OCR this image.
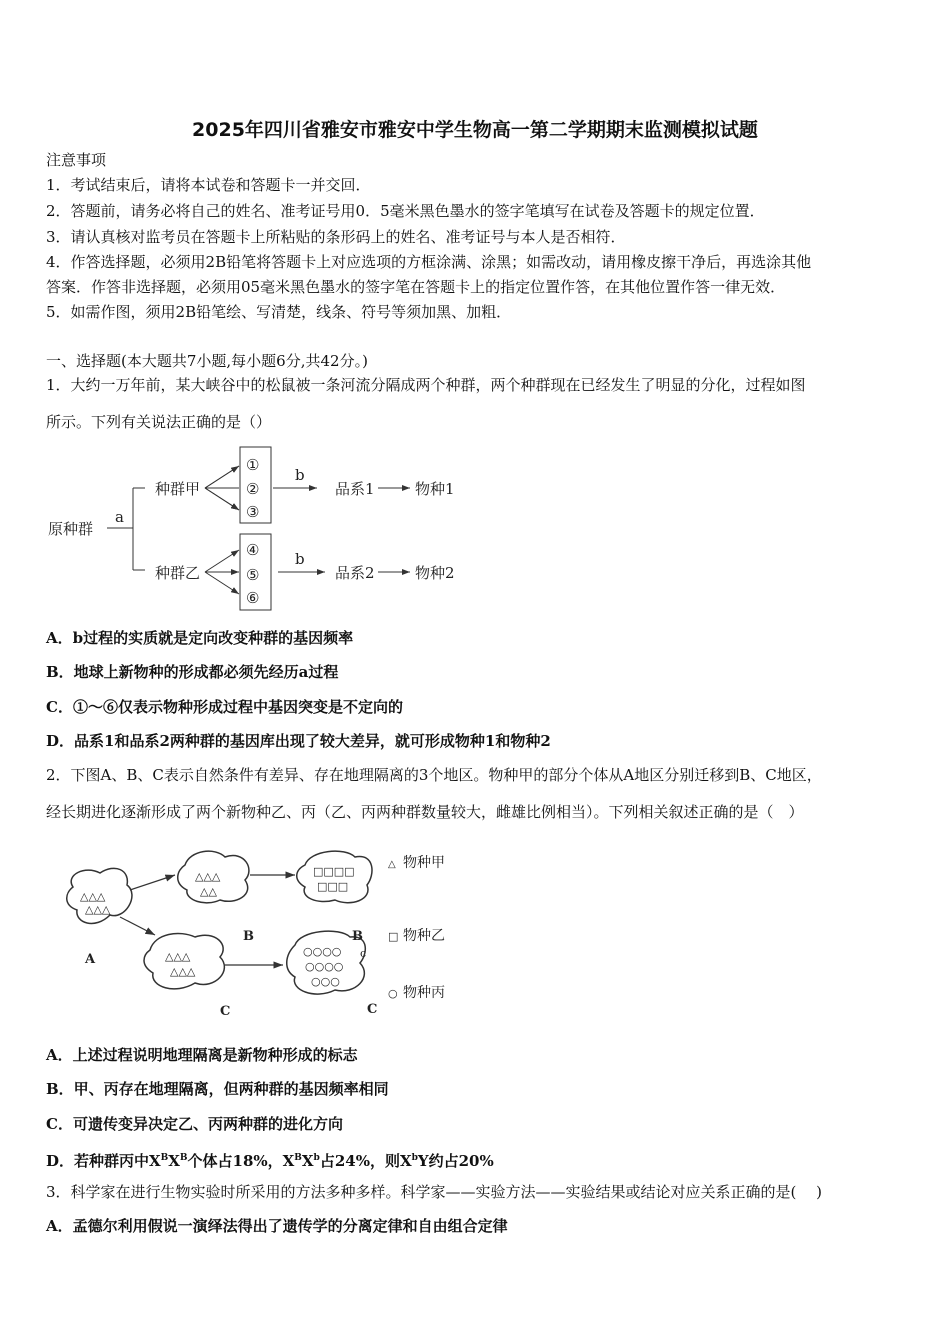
2025年四川省雅安市雅安中学生物高一第二学期期末监测模拟试题
注意事项
1．考试结束后，请将本试卷和答题卡一并交回．
2．答题前，请务必将自己的姓名、准考证号用0．5毫米黑色墨水的签字笔填写在试卷及答题卡的规定位置．
3．请认真核对监考员在答题卡上所粘贴的条形码上的姓名、准考证号与本人是否相符．
4．作答选择题，必须用2B铅笔将答题卡上对应选项的方框涂满、涂黑；如需改动，请用橡皮擦干净后，再选涂其他
答案．作答非选择题，必须用05毫米黑色墨水的签字笔在答题卡上的指定位置作答，在其他位置作答一律无效．
5．如需作图，须用2B铅笔绘、写清楚，线条、符号等须加黑、加粗．
一、选择题(本大题共7小题,每小题6分,共42分。)
1．大约一万年前，某大峡谷中的松鼠被一条河流分隔成两个种群，两个种群现在已经发生了明显的分化，过程如图
所示。下列有关说法正确的是（）
原种群
a
种群甲
种群乙
①
②
③
④
⑤
⑥
b
b
品系1
品系2
物种1
物种2
A．b过程的实质就是定向改变种群的基因频率
B．地球上新物种的形成都必须先经历a过程
C．①～⑥仅表示物种形成过程中基因突变是不定向的
D．品系1和品系2两种群的基因库出现了较大差异，就可形成物种1和物种2
2．下图A、B、C表示自然条件有差异、存在地理隔离的3个地区。物种甲的部分个体从A地区分别迁移到B、C地区，
经长期进化逐渐形成了两个新物种乙、丙（乙、丙两种群数量较大，雌雄比例相当）。下列相关叙述正确的是（　）
△△△
△△△
△△△
△△
△△△
△△△
□□□□
□□□
○○○○
○○○○
○○○
A
B
C
B
C
c
△ 物种甲
□ 物种乙
○ 物种丙
A．上述过程说明地理隔离是新物种形成的标志
B．甲、丙存在地理隔离，但两种群的基因频率相同
C．可遗传变异决定乙、丙两种群的进化方向
D．若种群丙中$X^BX^B$个体占18%，$X^BX^b$占24%，则$X^bY$约占20%
3．科学家在进行生物实验时所采用的方法多种多样。科学家——实验方法——实验结果或结论对应关系正确的是(　 )
A．孟德尔利用假说一演绎法得出了遗传学的分离定律和自由组合定律
